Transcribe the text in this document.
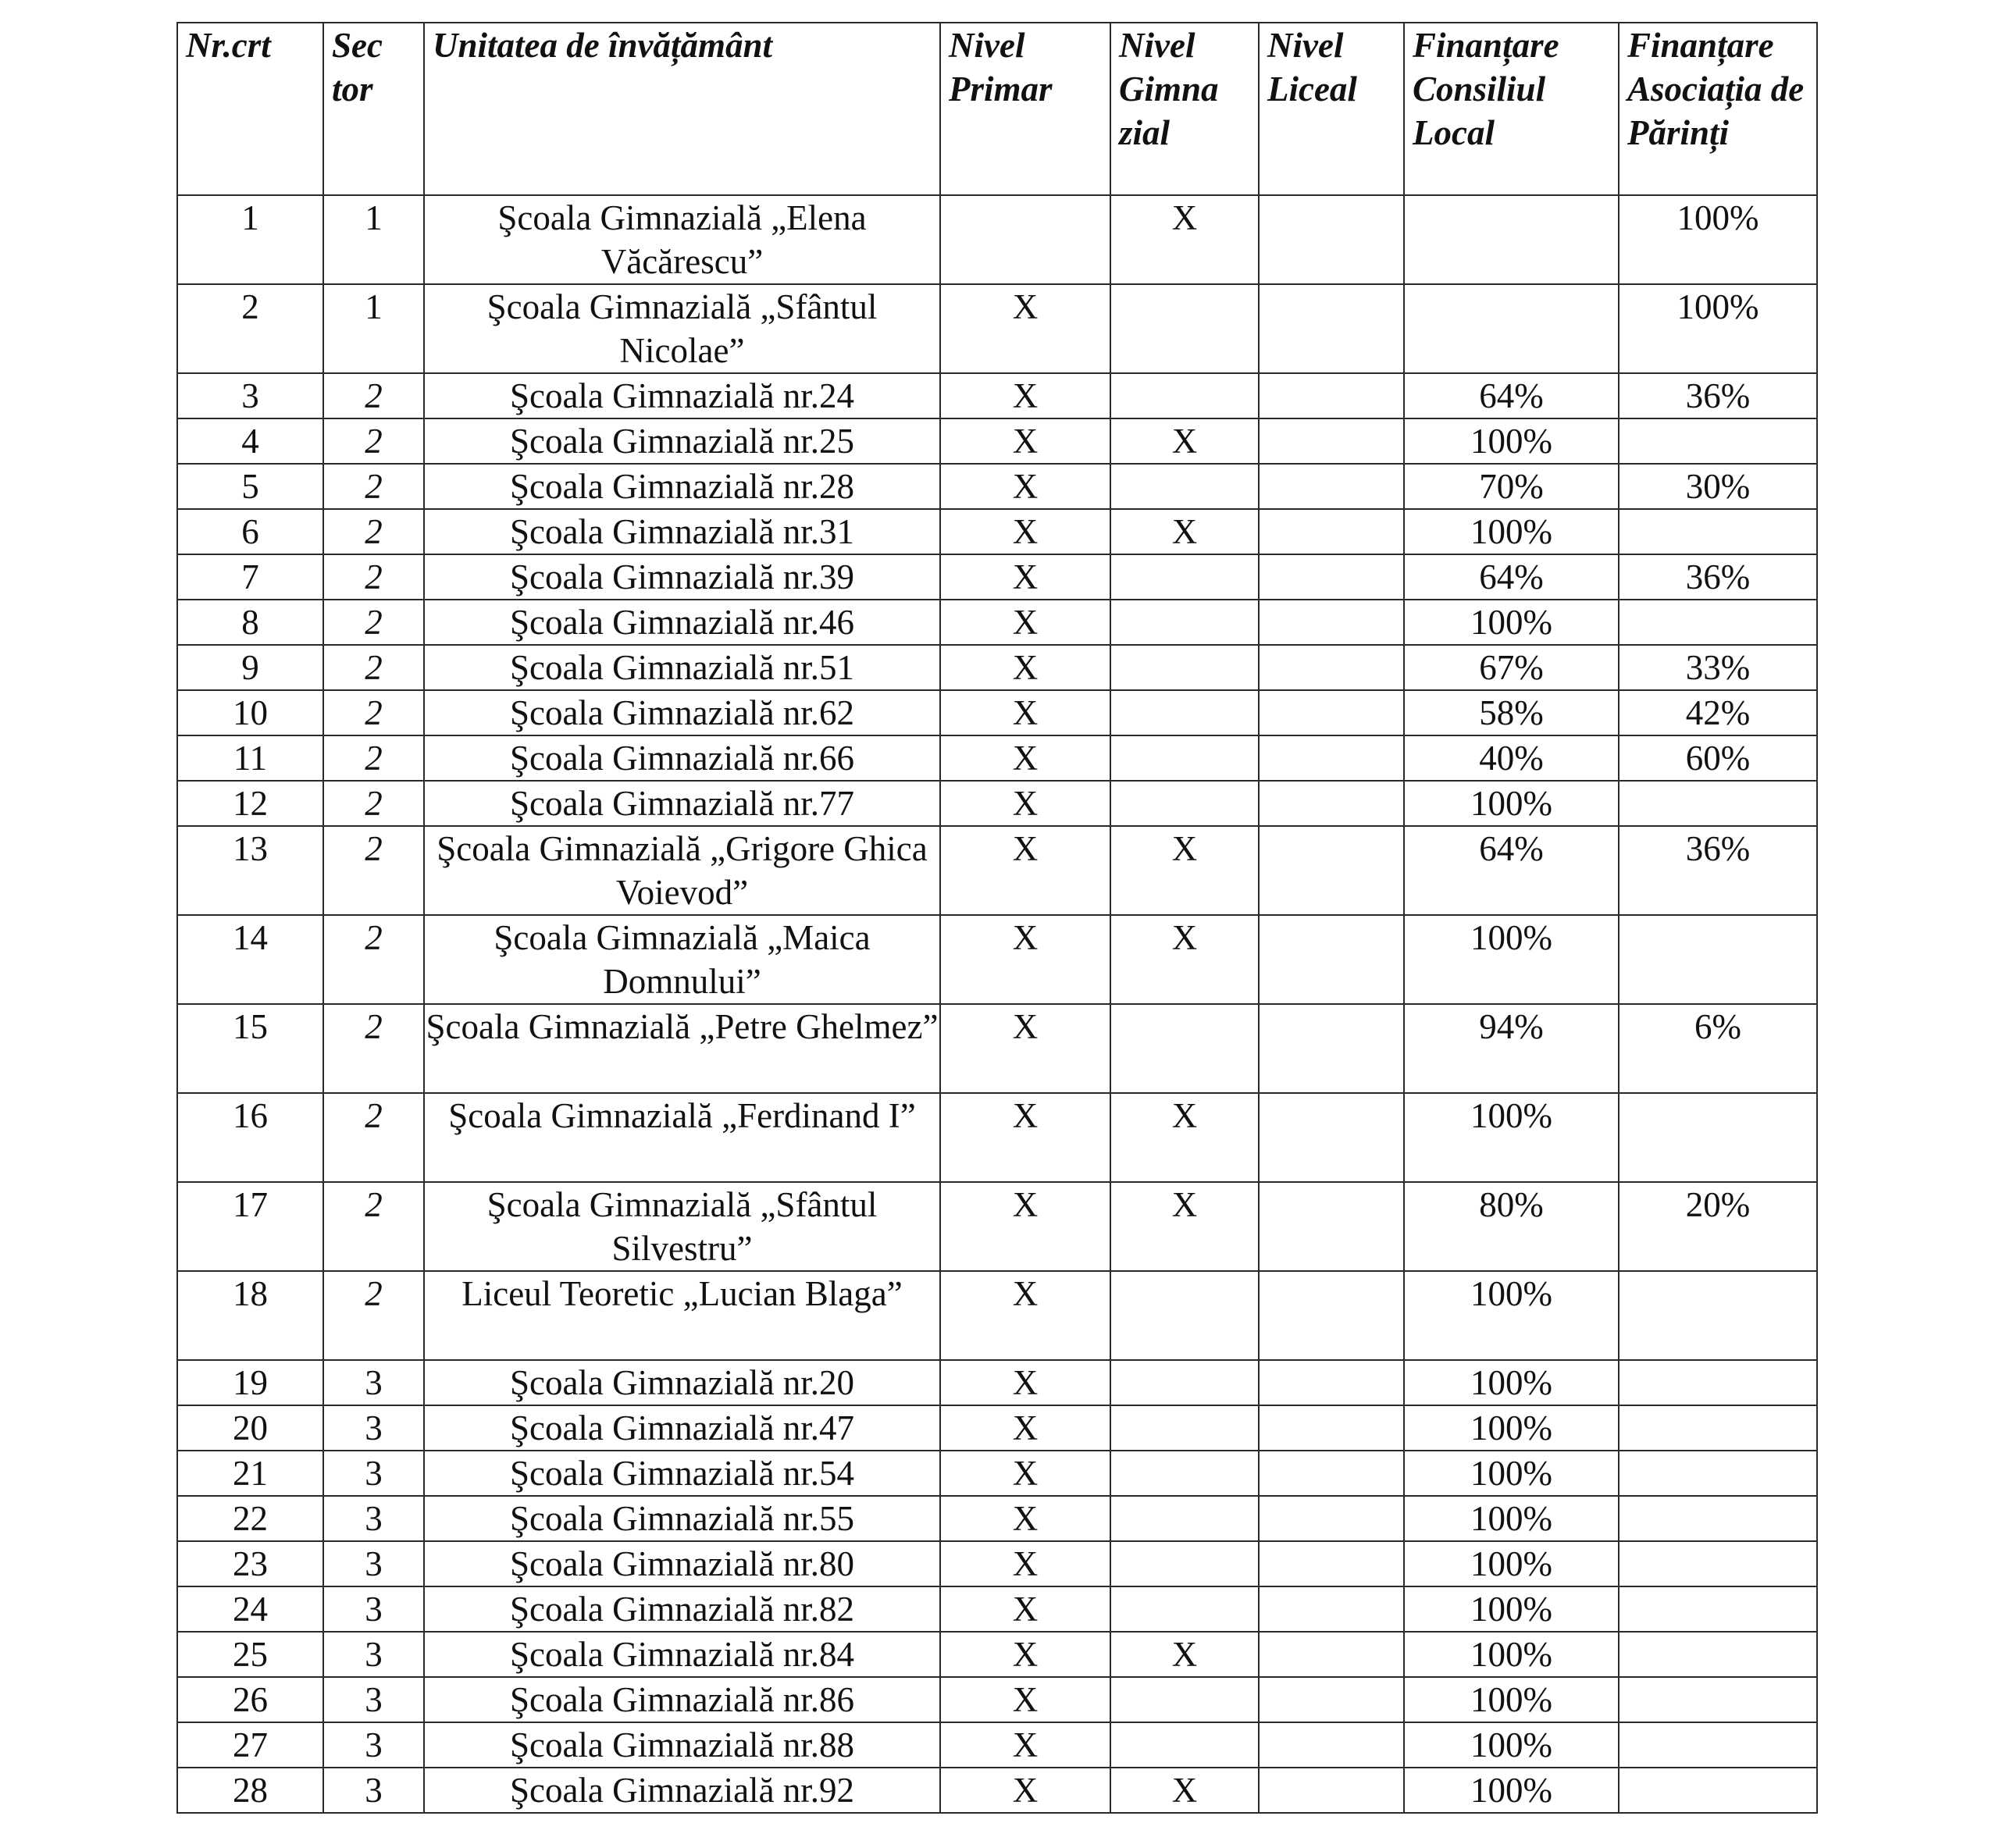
Nr.crt	Sec tor	Unitatea de învățământ	Nivel Primar	Nivel Gimna zial	Nivel Liceal	Finanțare Consiliul Local	Finanțare Asociația de Părinți
1	1	Şcoala Gimnazială „Elena Văcărescu”		X			100%
2	1	Şcoala Gimnazială „Sfântul Nicolae”	X				100%
3	2	Şcoala Gimnazială nr.24	X			64%	36%
4	2	Şcoala Gimnazială nr.25	X	X		100%	
5	2	Şcoala Gimnazială nr.28	X			70%	30%
6	2	Şcoala Gimnazială nr.31	X	X		100%	
7	2	Şcoala Gimnazială nr.39	X			64%	36%
8	2	Şcoala Gimnazială nr.46	X			100%	
9	2	Şcoala Gimnazială nr.51	X			67%	33%
10	2	Şcoala Gimnazială nr.62	X			58%	42%
11	2	Şcoala Gimnazială nr.66	X			40%	60%
12	2	Şcoala Gimnazială nr.77	X			100%	
13	2	Şcoala Gimnazială „Grigore Ghica Voievod”	X	X		64%	36%
14	2	Şcoala Gimnazială „Maica Domnului”	X	X		100%	
15	2	Şcoala Gimnazială „Petre Ghelmez”	X			94%	6%
16	2	Şcoala Gimnazială „Ferdinand I”	X	X		100%	
17	2	Şcoala Gimnazială „Sfântul Silvestru”	X	X		80%	20%
18	2	Liceul Teoretic „Lucian Blaga”	X			100%	
19	3	Şcoala Gimnazială nr.20	X			100%	
20	3	Şcoala Gimnazială nr.47	X			100%	
21	3	Şcoala Gimnazială nr.54	X			100%	
22	3	Şcoala Gimnazială nr.55	X			100%	
23	3	Şcoala Gimnazială nr.80	X			100%	
24	3	Şcoala Gimnazială nr.82	X			100%	
25	3	Şcoala Gimnazială nr.84	X	X		100%	
26	3	Şcoala Gimnazială nr.86	X			100%	
27	3	Şcoala Gimnazială nr.88	X			100%	
28	3	Şcoala Gimnazială nr.92	X	X		100%	
